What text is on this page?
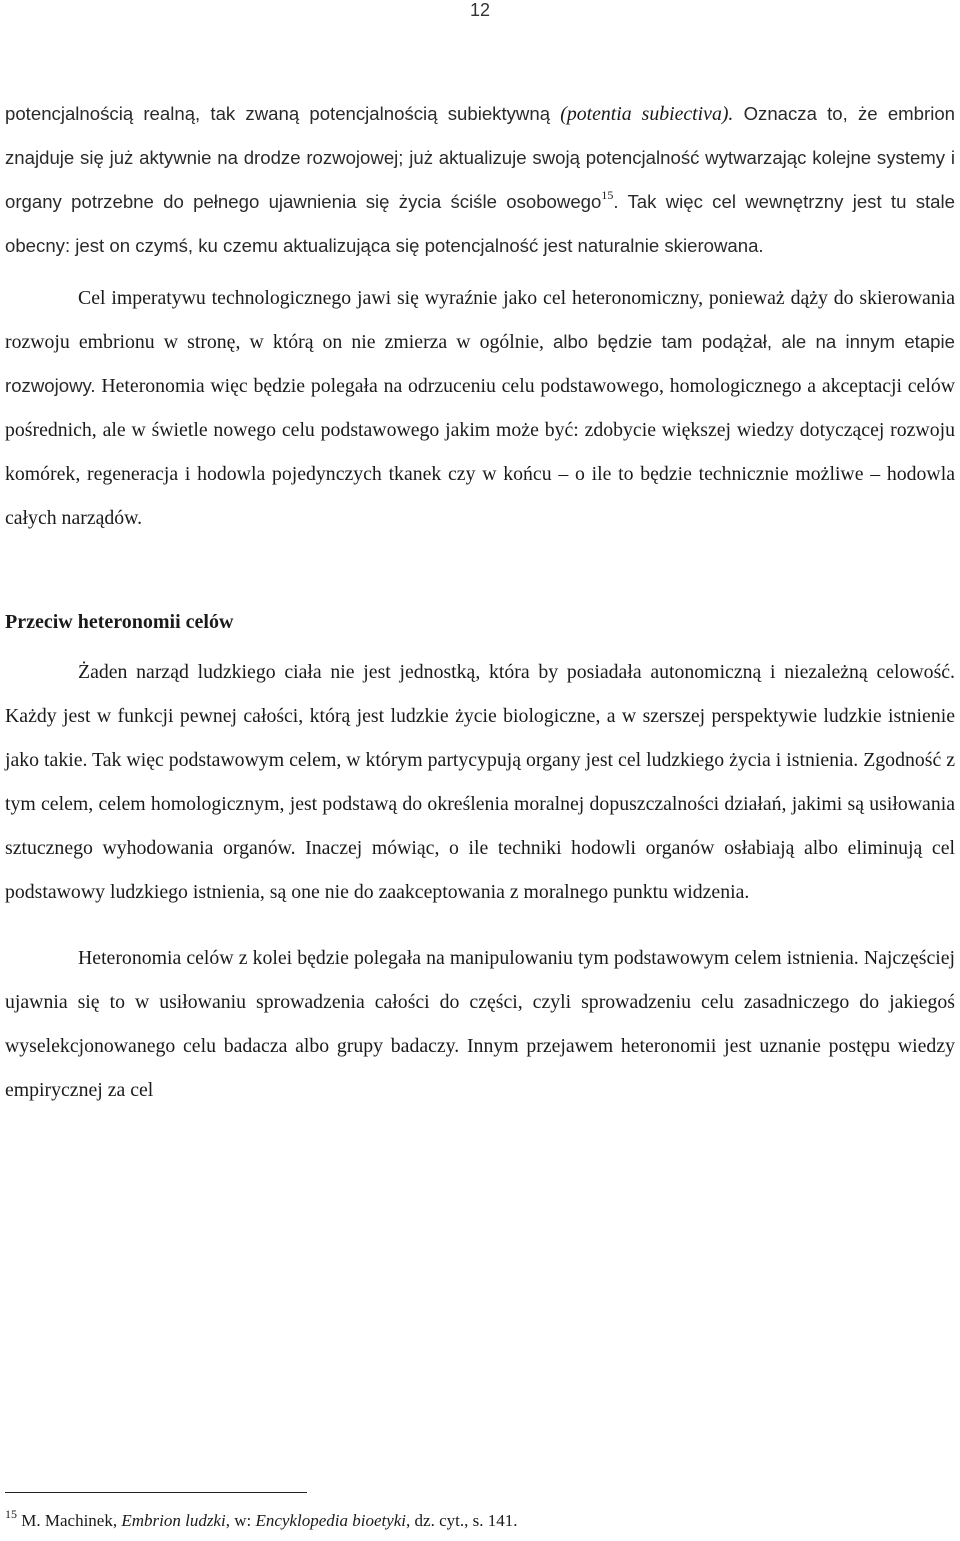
12

potencjalnością realną, tak zwaną potencjalnością subiektywną (potentia subiectiva). Oznacza to, że embrion znajduje się już aktywnie na drodze rozwojowej; już aktualizuje swoją potencjalność wytwarzając kolejne systemy i organy potrzebne do pełnego ujawnienia się życia ściśle osobowego$^{15}$. Tak więc cel wewnętrzny jest tu stale obecny: jest on czymś, ku czemu aktualizująca się potencjalność jest naturalnie skierowana.

Cel imperatywu technologicznego jawi się wyraźnie jako cel heteronomiczny, ponieważ dąży do skierowania rozwoju embrionu w stronę, w którą on nie zmierza w ogólnie, albo będzie tam podążał, ale na innym etapie rozwojowy. Heteronomia więc będzie polegała na odrzuceniu celu podstawowego, homologicznego a akceptacji celów pośrednich, ale w świetle nowego celu podstawowego jakim może być: zdobycie większej wiedzy dotyczącej rozwoju komórek, regeneracja i hodowla pojedynczych tkanek czy w końcu – o ile to będzie technicznie możliwe – hodowla całych narządów.

Przeciw heteronomii celów

Żaden narząd ludzkiego ciała nie jest jednostką, która by posiadała autonomiczną i niezależną celowość. Każdy jest w funkcji pewnej całości, którą jest ludzkie życie biologiczne, a w szerszej perspektywie ludzkie istnienie jako takie. Tak więc podstawowym celem, w którym partycypują organy jest cel ludzkiego życia i istnienia. Zgodność z tym celem, celem homologicznym, jest podstawą do określenia moralnej dopuszczalności działań, jakimi są usiłowania sztucznego wyhodowania organów. Inaczej mówiąc, o ile techniki hodowli organów osłabiają albo eliminują cel podstawowy ludzkiego istnienia, są one nie do zaakceptowania z moralnego punktu widzenia.

Heteronomia celów z kolei będzie polegała na manipulowaniu tym podstawowym celem istnienia. Najczęściej ujawnia się to w usiłowaniu sprowadzenia całości do części, czyli sprowadzeniu celu zasadniczego do jakiegoś wyselekcjonowanego celu badacza albo grupy badaczy. Innym przejawem heteronomii jest uznanie postępu wiedzy empirycznej za cel

$^{15}$ M. Machinek, Embrion ludzki, w: Encyklopedia bioetyki, dz. cyt., s. 141.
